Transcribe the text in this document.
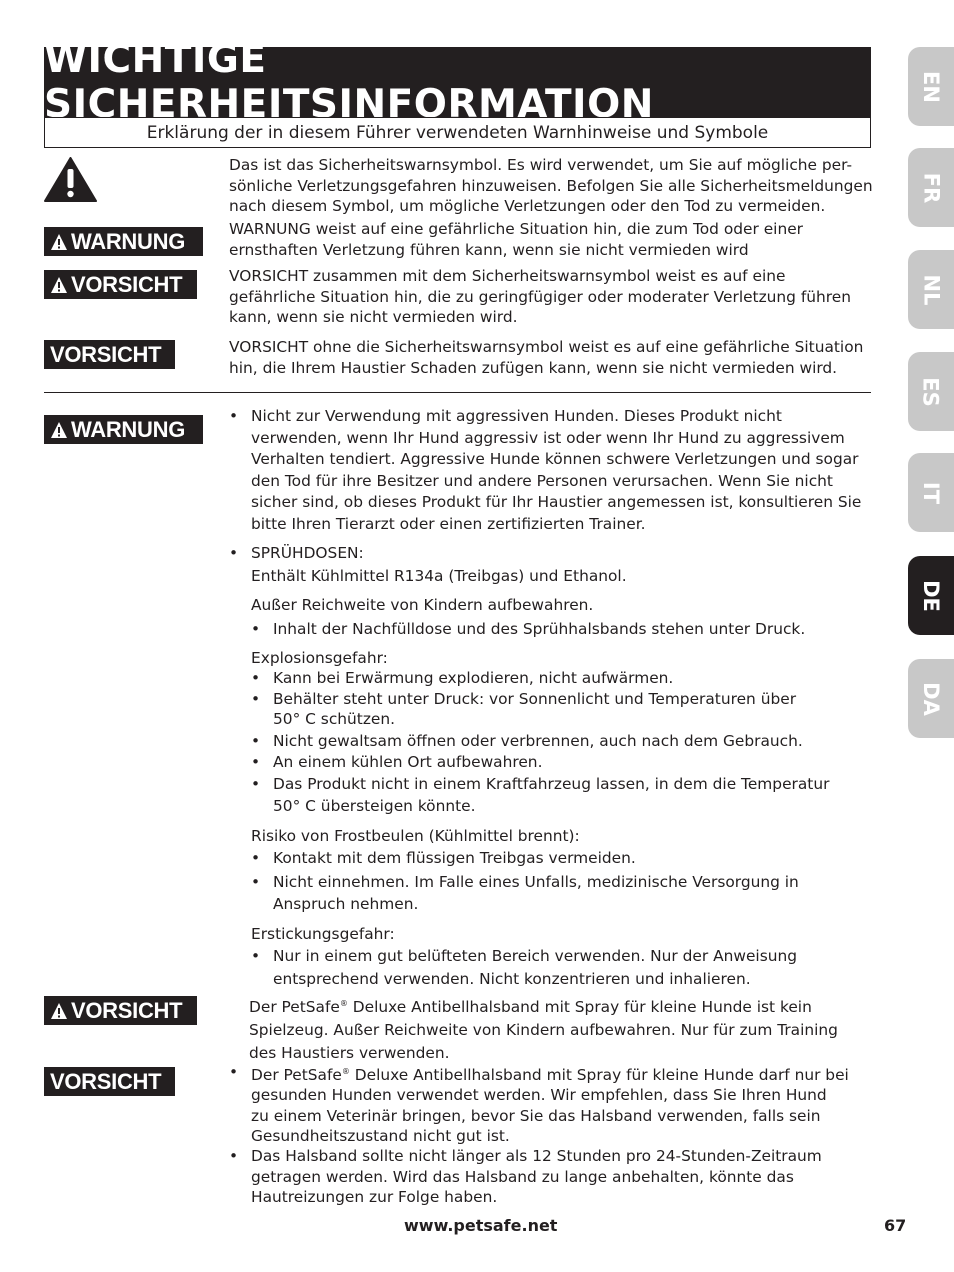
WICHTIGE SICHERHEITSINFORMATION
Erklärung der in diesem Führer verwendeten Warnhinweise und Symbole
EN
FR
NL
ES
IT
DE
DA
WARNUNG
VORSICHT
VORSICHT
Das ist das Sicherheitswarnsymbol. Es wird verwendet, um Sie auf mögliche per-
sönliche Verletzungsgefahren hinzuweisen. Befolgen Sie alle Sicherheitsmeldungen
nach diesem Symbol, um mögliche Verletzungen oder den Tod zu vermeiden.
WARNUNG weist auf eine gefährliche Situation hin, die zum Tod oder einer
ernsthaften Verletzung führen kann, wenn sie nicht vermieden wird
VORSICHT zusammen mit dem Sicherheitswarnsymbol weist es auf eine
gefährliche Situation hin, die zu geringfügiger oder moderater Verletzung führen
kann, wenn sie nicht vermieden wird.
VORSICHT ohne die Sicherheitswarnsymbol weist es auf eine gefährliche Situation
hin, die Ihrem Haustier Schaden zufügen kann, wenn sie nicht vermieden wird.
WARNUNG
• Nicht zur Verwendung mit aggressiven Hunden. Dieses Produkt nicht
verwenden, wenn Ihr Hund aggressiv ist oder wenn Ihr Hund zu aggressivem
Verhalten tendiert. Aggressive Hunde können schwere Verletzungen und sogar
den Tod für ihre Besitzer und andere Personen verursachen. Wenn Sie nicht
sicher sind, ob dieses Produkt für Ihr Haustier angemessen ist, konsultieren Sie
bitte Ihren Tierarzt oder einen zertifizierten Trainer.
• SPRÜHDOSEN:
Enthält Kühlmittel R134a (Treibgas) und Ethanol.
Außer Reichweite von Kindern aufbewahren.
• Inhalt der Nachfülldose und des Sprühhalsbands stehen unter Druck.
Explosionsgefahr:
• Kann bei Erwärmung explodieren, nicht aufwärmen.
• Behälter steht unter Druck: vor Sonnenlicht und Temperaturen über
50° C schützen.
• Nicht gewaltsam öffnen oder verbrennen, auch nach dem Gebrauch.
• An einem kühlen Ort aufbewahren.
• Das Produkt nicht in einem Kraftfahrzeug lassen, in dem die Temperatur
50° C übersteigen könnte.
Risiko von Frostbeulen (Kühlmittel brennt):
• Kontakt mit dem flüssigen Treibgas vermeiden.
• Nicht einnehmen. Im Falle eines Unfalls, medizinische Versorgung in
Anspruch nehmen.
Erstickungsgefahr:
• Nur in einem gut belüfteten Bereich verwenden. Nur der Anweisung
entsprechend verwenden. Nicht konzentrieren und inhalieren.
VORSICHT	Der PetSafe® Deluxe Antibellhalsband mit Spray für kleine Hunde ist kein
Spielzeug. Außer Reichweite von Kindern aufbewahren. Nur für zum Training
des Haustiers verwenden.
VORSICHT	• Der PetSafe® Deluxe Antibellhalsband mit Spray für kleine Hunde darf nur bei
gesunden Hunden verwendet werden. Wir empfehlen, dass Sie Ihren Hund
zu einem Veterinär bringen, bevor Sie das Halsband verwenden, falls sein
Gesundheitszustand nicht gut ist.
• Das Halsband sollte nicht länger als 12 Stunden pro 24-Stunden-Zeitraum
getragen werden. Wird das Halsband zu lange anbehalten, könnte das
Hautreizungen zur Folge haben.
www.petsafe.net	67
